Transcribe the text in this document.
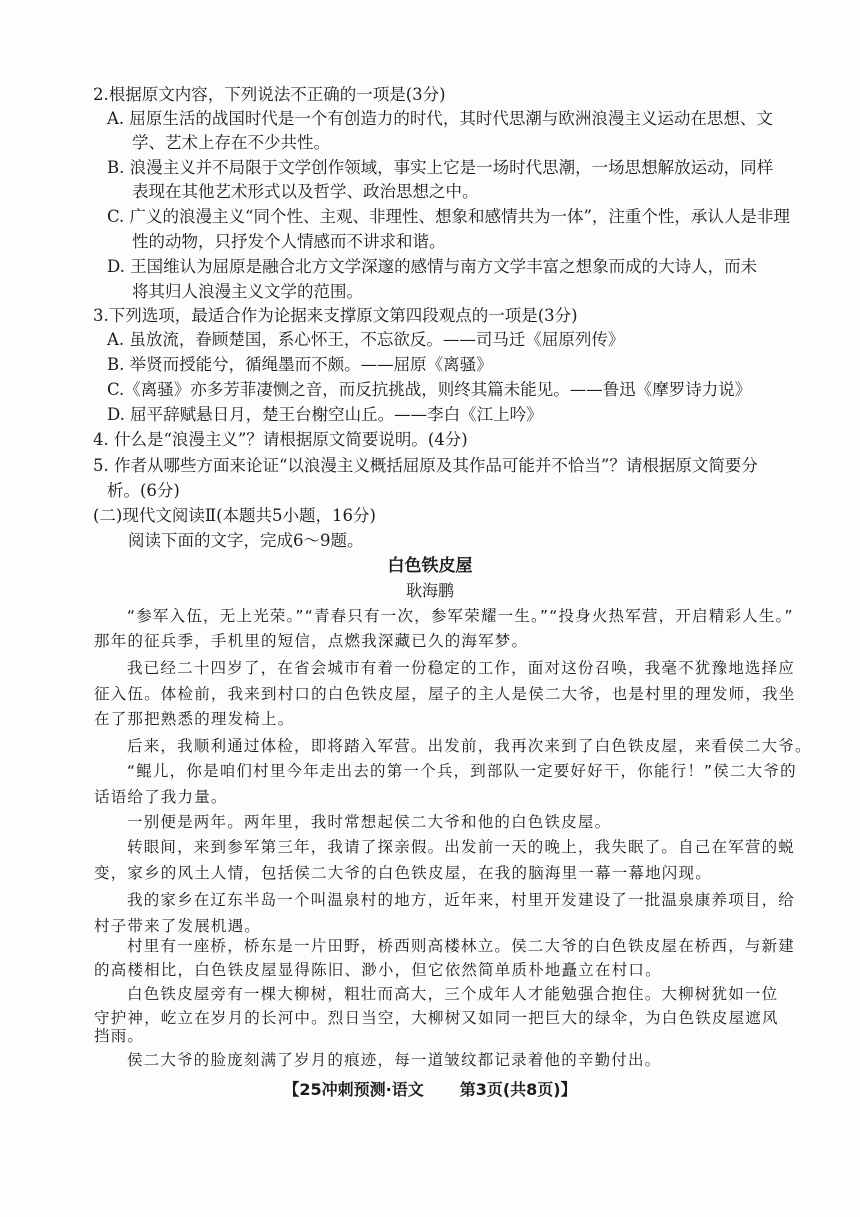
2.根据原文内容，下列说法不正确的一项是(3分)
A. 屈原生活的战国时代是一个有创造力的时代，其时代思潮与欧洲浪漫主义运动在思想、文
学、艺术上存在不少共性。
B. 浪漫主义并不局限于文学创作领域，事实上它是一场时代思潮，一场思想解放运动，同样
表现在其他艺术形式以及哲学、政治思想之中。
C. 广义的浪漫主义“同个性、主观、非理性、想象和感情共为一体”，注重个性，承认人是非理
性的动物，只抒发个人情感而不讲求和谐。
D. 王国维认为屈原是融合北方文学深邃的感情与南方文学丰富之想象而成的大诗人，而未
将其归人浪漫主义文学的范围。
3.下列选项，最适合作为论据来支撑原文第四段观点的一项是(3分)
A. 虽放流，眷顾楚国，系心怀王，不忘欲反。——司马迁《屈原列传》
B. 举贤而授能兮，循绳墨而不颇。——屈原《离骚》
C.《离骚》亦多芳菲凄恻之音，而反抗挑战，则终其篇未能见。——鲁迅《摩罗诗力说》
D. 屈平辞赋悬日月，楚王台榭空山丘。——李白《江上吟》
4. 什么是“浪漫主义”？请根据原文简要说明。(4分)
5. 作者从哪些方面来论证“以浪漫主义概括屈原及其作品可能并不恰当”？请根据原文简要分
析。(6分)
(二)现代文阅读Ⅱ(本题共5小题，16分)
阅读下面的文字，完成6～9题。
白色铁皮屋
耿海鹏
“参军入伍，无上光荣。”“青春只有一次，参军荣耀一生。”“投身火热军营，开启精彩人生。”
那年的征兵季，手机里的短信，点燃我深藏已久的海军梦。
我已经二十四岁了，在省会城市有着一份稳定的工作，面对这份召唤，我毫不犹豫地选择应
征入伍。体检前，我来到村口的白色铁皮屋，屋子的主人是侯二大爷，也是村里的理发师，我坐
在了那把熟悉的理发椅上。
后来，我顺利通过体检，即将踏入军营。出发前，我再次来到了白色铁皮屋，来看侯二大爷。
“鲲儿，你是咱们村里今年走出去的第一个兵，到部队一定要好好干，你能行！”侯二大爷的
话语给了我力量。
一别便是两年。两年里，我时常想起侯二大爷和他的白色铁皮屋。
转眼间，来到参军第三年，我请了探亲假。出发前一天的晚上，我失眠了。自己在军营的蜕
变，家乡的风土人情，包括侯二大爷的白色铁皮屋，在我的脑海里一幕一幕地闪现。
我的家乡在辽东半岛一个叫温泉村的地方，近年来，村里开发建设了一批温泉康养项目，给
村子带来了发展机遇。
村里有一座桥，桥东是一片田野，桥西则高楼林立。侯二大爷的白色铁皮屋在桥西，与新建
的高楼相比，白色铁皮屋显得陈旧、渺小，但它依然简单质朴地矗立在村口。
白色铁皮屋旁有一棵大柳树，粗壮而高大，三个成年人才能勉强合抱住。大柳树犹如一位
守护神，屹立在岁月的长河中。烈日当空，大柳树又如同一把巨大的绿伞，为白色铁皮屋遮风
挡雨。
侯二大爷的脸庞刻满了岁月的痕迹，每一道皱纹都记录着他的辛勤付出。
【25冲刺预测·语文 第3页(共8页)】
